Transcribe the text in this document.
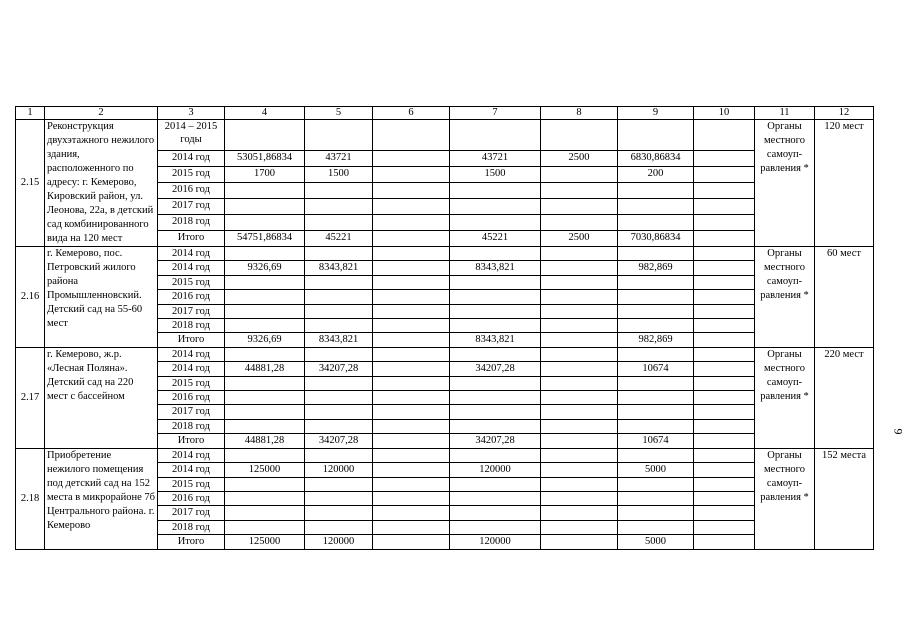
1	2	3	4	5	6	7	8	9	10	11	12
2.15	Реконструкция двухэтажного нежилого здания, расположенного по адресу: г. Кемерово, Кировский район, ул. Леонова, 22а, в детский сад комбинированного вида на 120 мест	2014 – 2015 годы								Органы местного самоуп-равления *	120 мест
		2014 год	53051,86834	43721		43721	2500	6830,86834			
		2015 год	1700	1500		1500		200			
		2016 год									
		2017 год									
		2018 год									
		Итого	54751,86834	45221		45221	2500	7030,86834			
2.16	г. Кемерово, пос. Петровский жилого района Промышленновский. Детский сад на 55-60 мест	2014 год								Органы местного самоуп-равления *	60 мест
		2014 год	9326,69	8343,821		8343,821		982,869			
		2015 год									
		2016 год									
		2017 год									
		2018 год									
		Итого	9326,69	8343,821		8343,821		982,869			
2.17	г. Кемерово, ж.р. «Лесная Поляна». Детский сад на 220 мест с бассейном	2014 год								Органы местного самоуп-равления *	220 мест
		2014 год	44881,28	34207,28		34207,28		10674			
		2015 год									
		2016 год									
		2017 год									
		2018 год									
		Итого	44881,28	34207,28		34207,28		10674			
2.18	Приобретение нежилого помещения под детский сад на 152 места в микрорайоне 7б Центрального района. г. Кемерово	2014 год								Органы местного самоуп-равления *	152 места
		2014 год	125000	120000		120000		5000			
		2015 год									
		2016 год									
		2017 год									
		2018 год									
		Итого	125000	120000		120000		5000			
9
